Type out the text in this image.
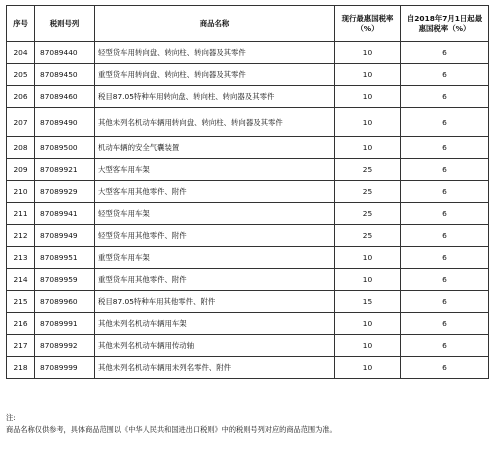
序号	税则号列	商品名称	现行最惠国税率（%）	自2018年7月1日起最惠国税率（%）
204	87089440	轻型货车用转向盘、转向柱、转向器及其零件	10	6
205	87089450	重型货车用转向盘、转向柱、转向器及其零件	10	6
206	87089460	税目87.05特种车用转向盘、转向柱、转向器及其零件	10	6
207	87089490	其他未列名机动车辆用转向盘、转向柱、转向器及其零件	10	6
208	87089500	机动车辆的安全气囊装置	10	6
209	87089921	大型客车用车架	25	6
210	87089929	大型客车用其他零件、附件	25	6
211	87089941	轻型货车用车架	25	6
212	87089949	轻型货车用其他零件、附件	25	6
213	87089951	重型货车用车架	10	6
214	87089959	重型货车用其他零件、附件	10	6
215	87089960	税目87.05特种车用其他零件、附件	15	6
216	87089991	其他未列名机动车辆用车架	10	6
217	87089992	其他未列名机动车辆用传动轴	10	6
218	87089999	其他未列名机动车辆用未列名零件、附件	10	6
注:
商品名称仅供参考，具体商品范围以《中华人民共和国进出口税则》中的税则号列对应的商品范围为准。
